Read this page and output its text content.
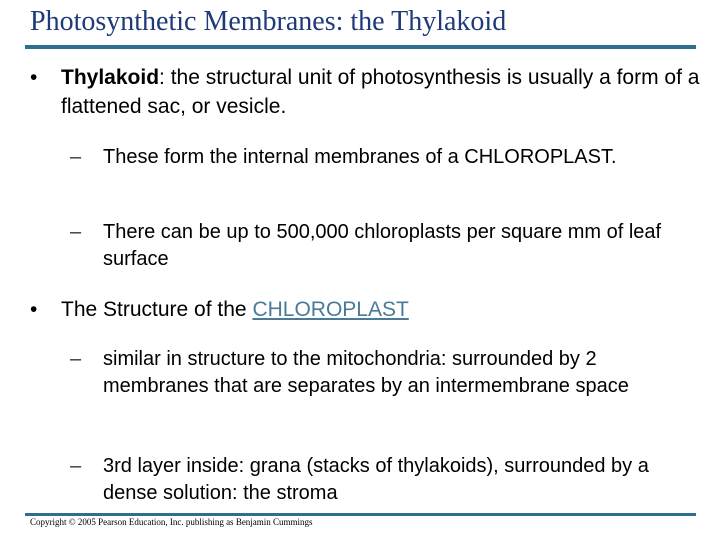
Photosynthetic Membranes: the Thylakoid
• Thylakoid: the structural unit of photosynthesis is usually a form of a flattened sac, or vesicle.
– These form the internal membranes of a CHLOROPLAST.
– There can be up to 500,000 chloroplasts per square mm of leaf surface
• The Structure of the CHLOROPLAST
– similar in structure to the mitochondria: surrounded by 2 membranes that are separates by an intermembrane space
– 3rd layer inside: grana (stacks of thylakoids), surrounded by a dense solution: the stroma
Copyright © 2005 Pearson Education, Inc. publishing as Benjamin Cummings
